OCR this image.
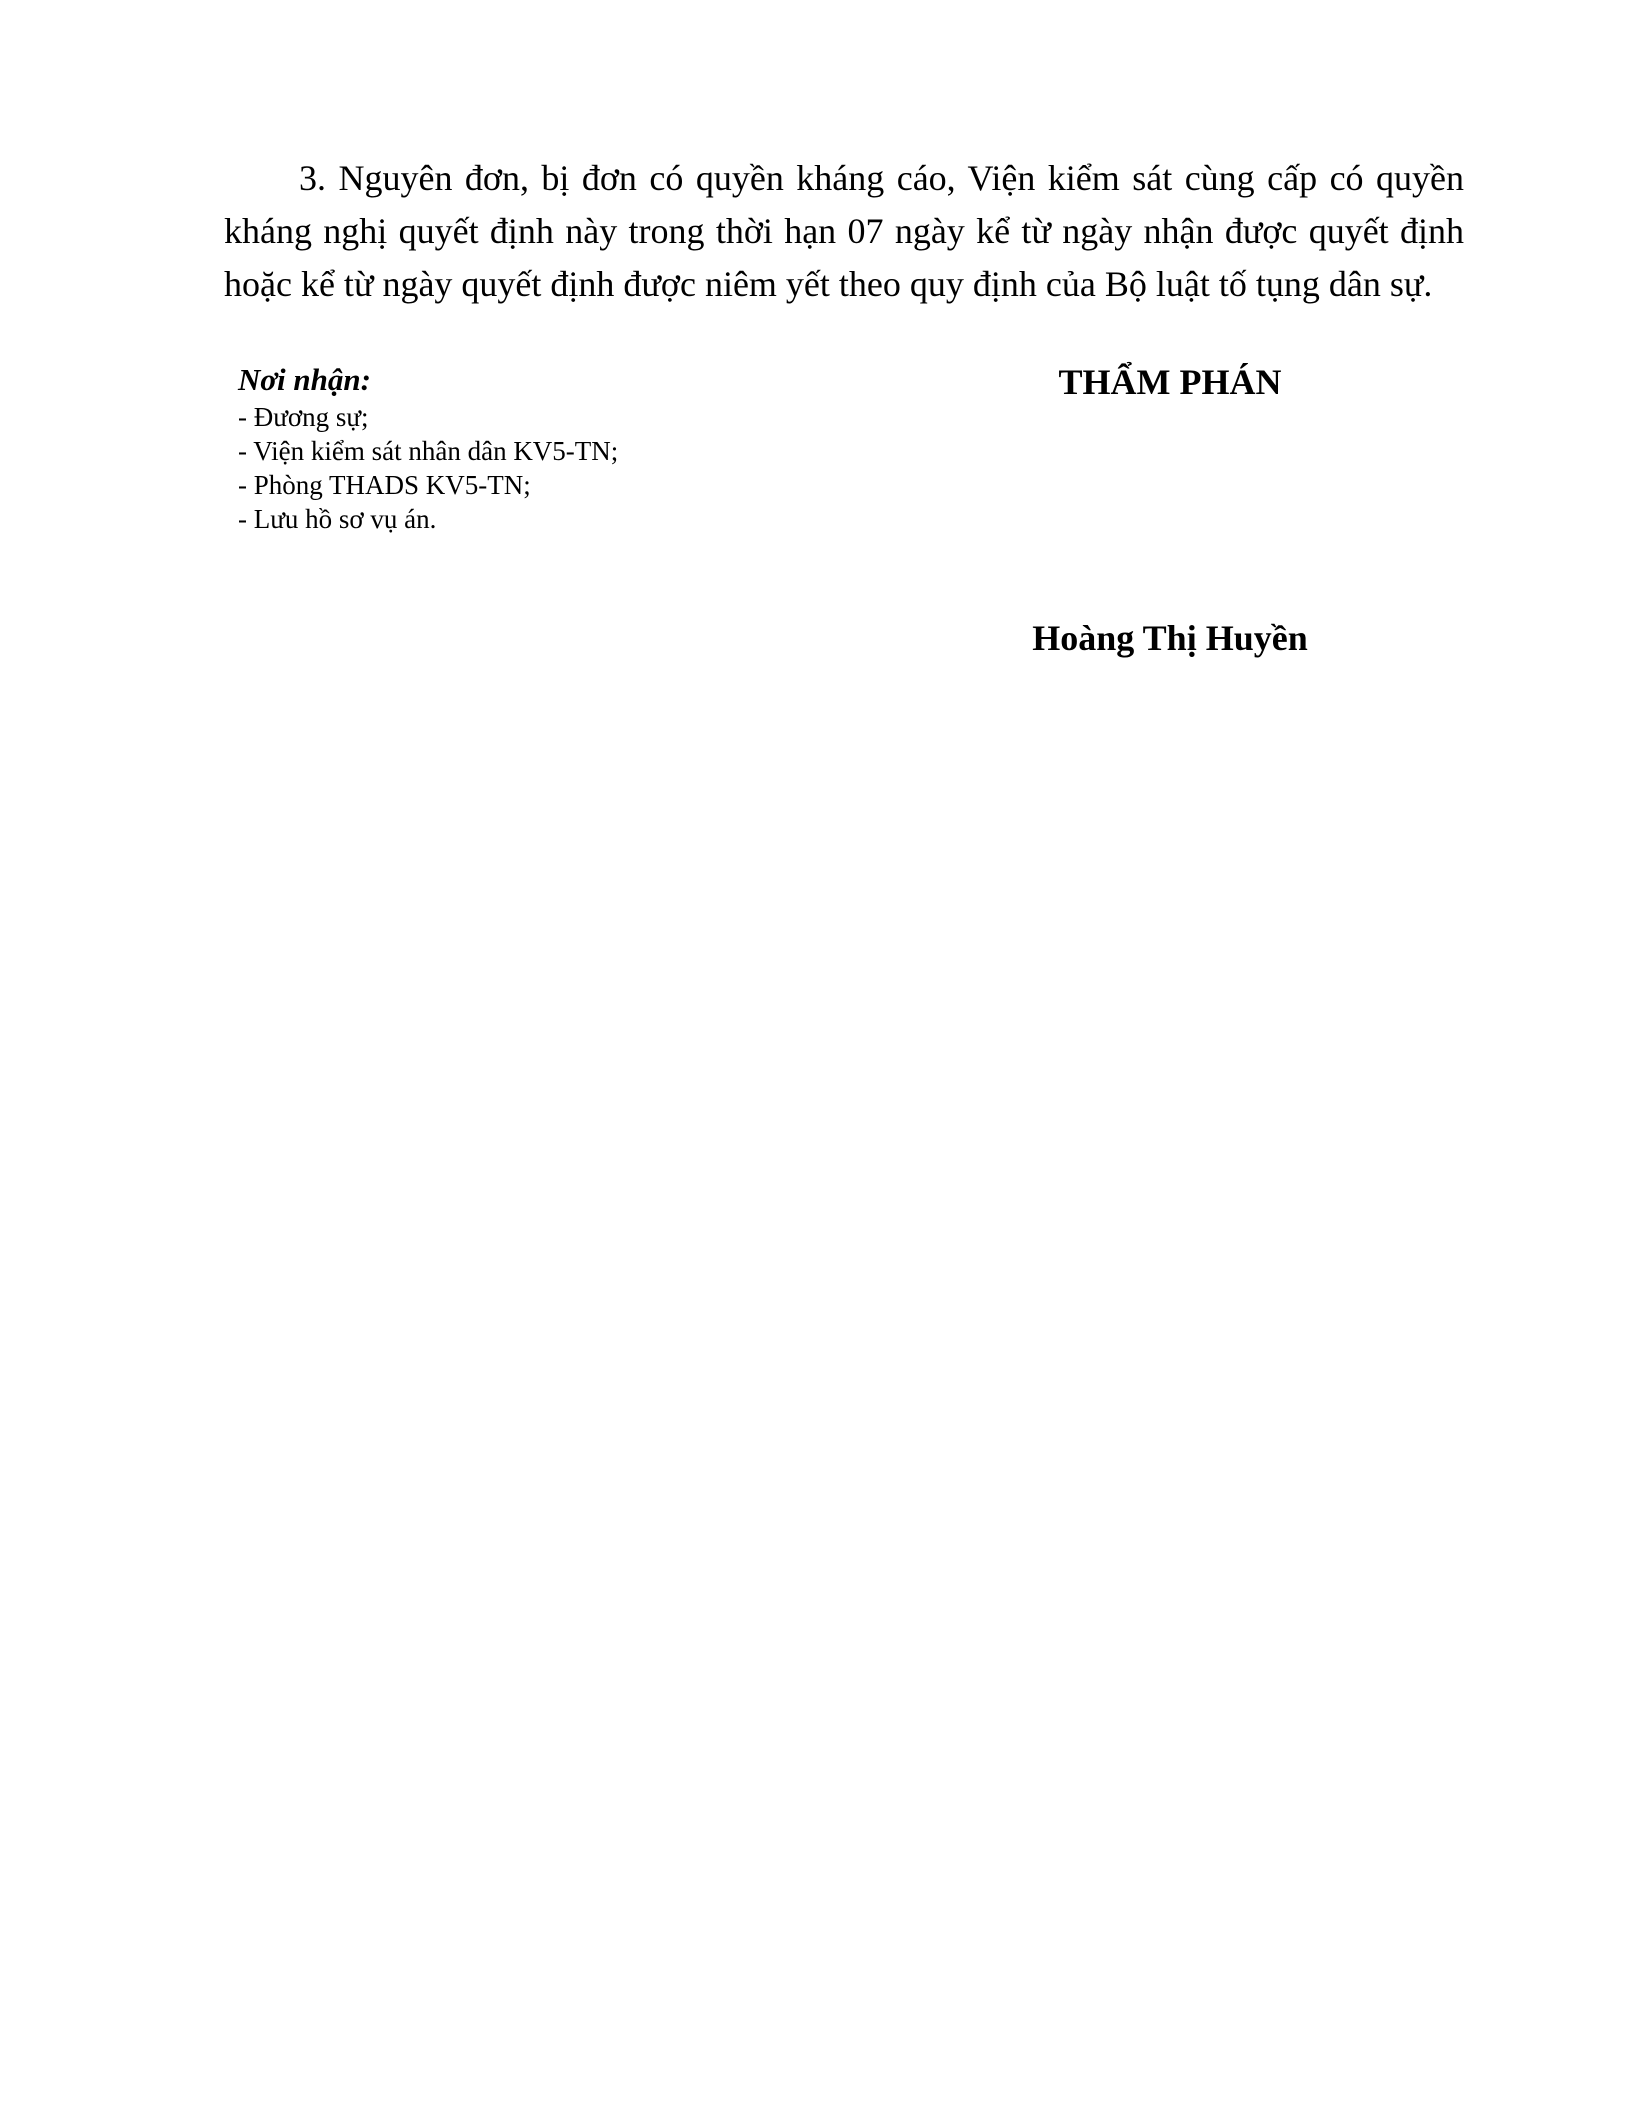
3. Nguyên đơn, bị đơn có quyền kháng cáo, Viện kiểm sát cùng cấp có quyền kháng nghị quyết định này trong thời hạn 07 ngày kể từ ngày nhận được quyết định hoặc kể từ ngày quyết định được niêm yết theo quy định của Bộ luật tố tụng dân sự.

Nơi nhận:

- Đương sự;
- Viện kiểm sát nhân dân KV5-TN;
- Phòng THADS KV5-TN;
- Lưu hồ sơ vụ án.

THẨM PHÁN

Hoàng Thị Huyền
